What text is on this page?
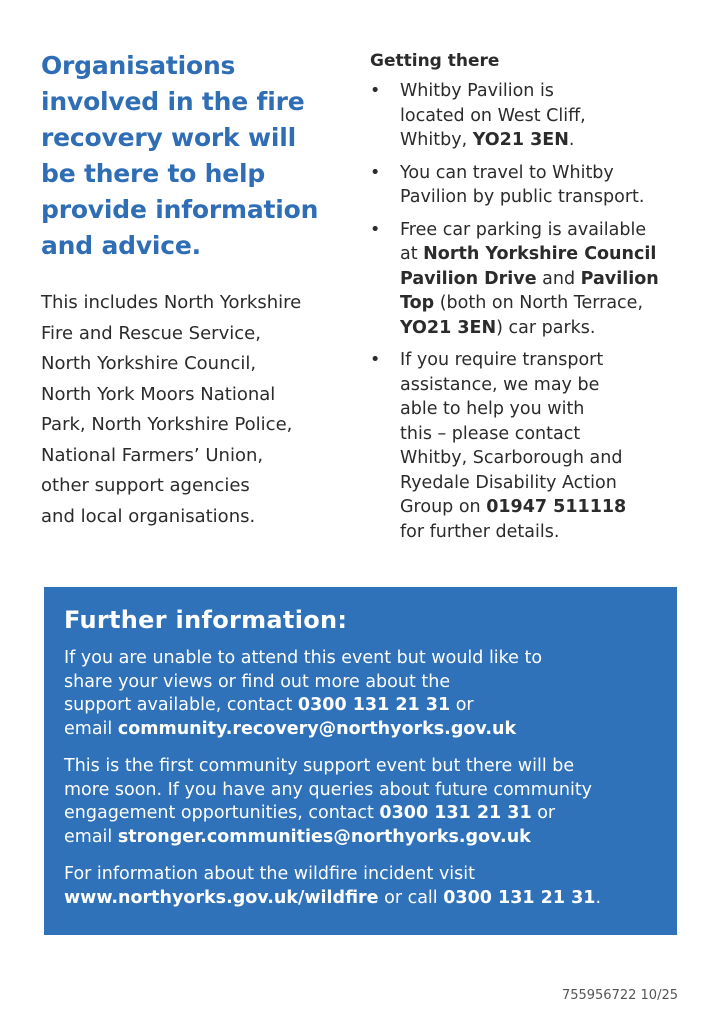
Organisations
involved in the fire
recovery work will
be there to help
provide information
and advice.
This includes North Yorkshire
Fire and Rescue Service,
North Yorkshire Council,
North York Moors National
Park, North Yorkshire Police,
National Farmers’ Union,
other support agencies
and local organisations.
Getting there
• Whitby Pavilion is
located on West Cliff,
Whitby, YO21 3EN.
• You can travel to Whitby
Pavilion by public transport.
• Free car parking is available
at North Yorkshire Council
Pavilion Drive and Pavilion
Top (both on North Terrace,
YO21 3EN) car parks.
• If you require transport
assistance, we may be
able to help you with
this – please contact
Whitby, Scarborough and
Ryedale Disability Action
Group on 01947 511118
for further details.
Further information:

If you are unable to attend this event but would like to
share your views or find out more about the
support available, contact 0300 131 21 31 or
email community.recovery@northyorks.gov.uk

This is the first community support event but there will be
more soon. If you have any queries about future community
engagement opportunities, contact 0300 131 21 31 or
email stronger.communities@northyorks.gov.uk

For information about the wildfire incident visit
www.northyorks.gov.uk/wildfire or call 0300 131 21 31.

755956722 10/25
